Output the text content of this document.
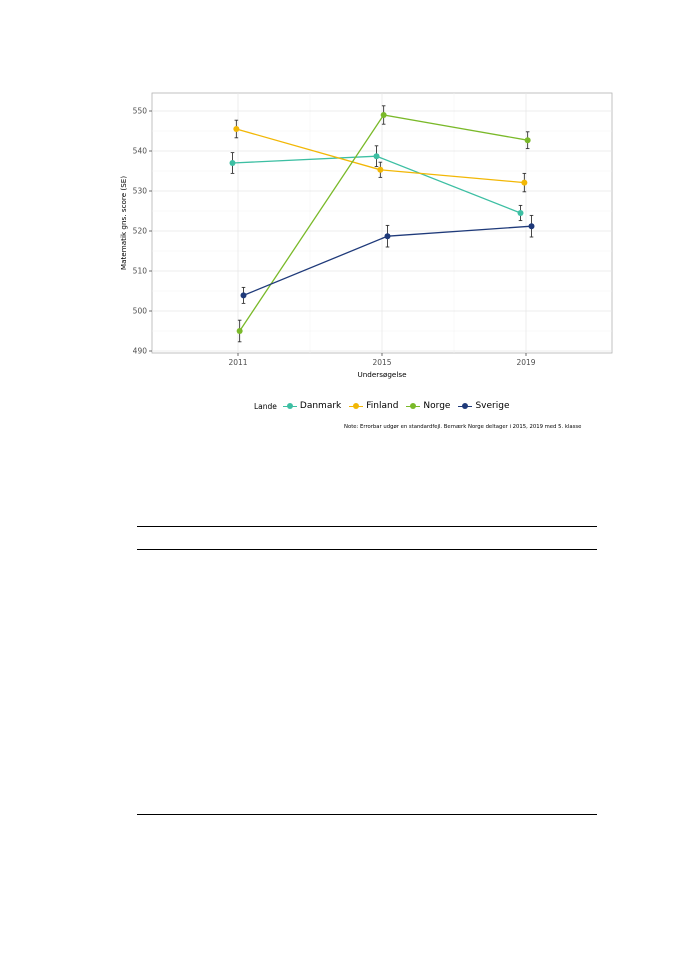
490
500
510
520
530
540
550
2011	2015	2019
Undersøgelse
Matematik gns. score (SE)
Lande	Danmark	Finland	Norge	Sverige
Note: Errorbar udgør en standardfejl. Bemærk Norge deltager i 2015, 2019 med 5. klasse
